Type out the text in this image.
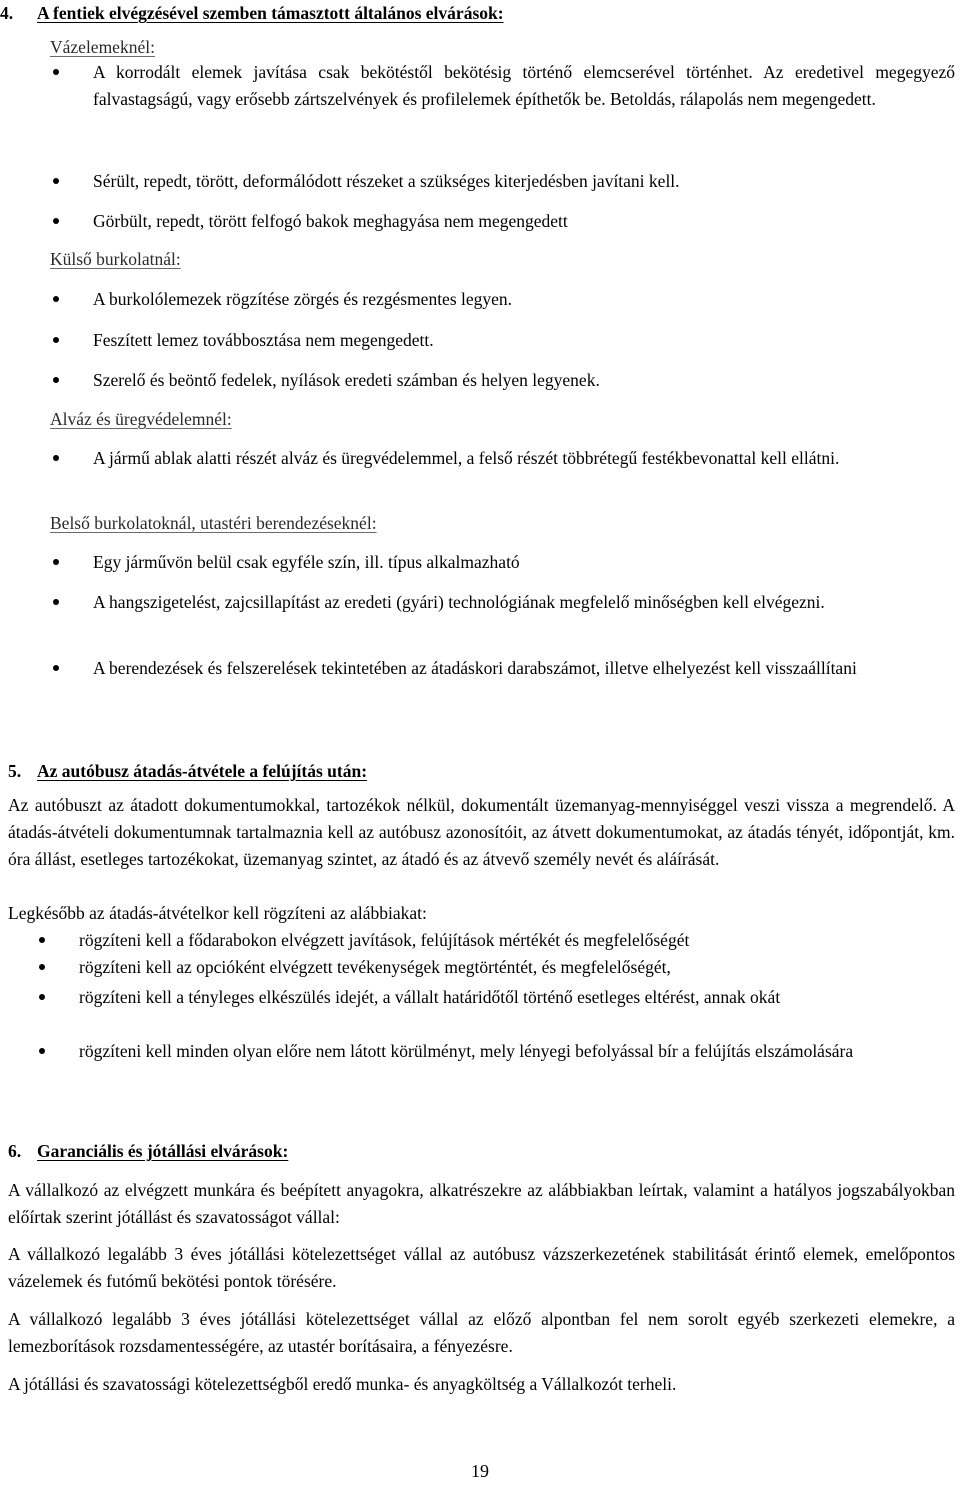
4. A fentiek elvégzésével szemben támasztott általános elvárások:
Vázelemeknél:
A korrodált elemek javítása csak bekötéstől bekötésig történő elemcserével történhet. Az eredetivel megegyező falvastagságú, vagy erősebb zártszelvények és profilelemek építhetők be. Betoldás, rálapolás nem megengedett.
Sérült, repedt, törött, deformálódott részeket a szükséges kiterjedésben javítani kell.
Görbült, repedt, törött felfogó bakok meghagyása nem megengedett
Külső burkolatnál:
A burkolólemezek rögzítése zörgés és rezgésmentes legyen.
Feszített lemez továbbosztása nem megengedett.
Szerelő és beöntő fedelek, nyílások eredeti számban és helyen legyenek.
Alváz és üregvédelemnél:
A jármű ablak alatti részét alváz és üregvédelemmel, a felső részét többrétegű festékbevonattal kell ellátni.
Belső burkolatoknál, utastéri berendezéseknél:
Egy járművön belül csak egyféle szín, ill. típus alkalmazható
A hangszigetelést, zajcsillapítást az eredeti (gyári) technológiának megfelelő minőségben kell elvégezni.
A berendezések és felszerelések tekintetében az átadáskori darabszámot, illetve elhelyezést kell visszaállítani
5. Az autóbusz átadás-átvétele a felújítás után:
Az autóbuszt az átadott dokumentumokkal, tartozékok nélkül, dokumentált üzemanyag-mennyiséggel veszi vissza a megrendelő. A átadás-átvételi dokumentumnak tartalmaznia kell az autóbusz azonosítóit, az átvett dokumentumokat, az átadás tényét, időpontját, km. óra állást, esetleges tartozékokat, üzemanyag szintet, az átadó és az átvevő személy nevét és aláírását.
Legkésőbb az átadás-átvételkor kell rögzíteni az alábbiakat:
rögzíteni kell a fődarabokon elvégzett javítások, felújítások mértékét és megfelelőségét
rögzíteni kell az opcióként elvégzett tevékenységek megtörténtét, és megfelelőségét,
rögzíteni kell a tényleges elkészülés idejét, a vállalt határidőtől történő esetleges eltérést, annak okát
rögzíteni kell minden olyan előre nem látott körülményt, mely lényegi befolyással bír a felújítás elszámolására
6. Garanciális és jótállási elvárások:
A vállalkozó az elvégzett munkára és beépített anyagokra, alkatrészekre az alábbiakban leírtak, valamint a hatályos jogszabályokban előírtak szerint jótállást és szavatosságot vállal:
A vállalkozó legalább 3 éves jótállási kötelezettséget vállal az autóbusz vázszerkezetének stabilitását érintő elemek, emelőpontos vázelemek és futómű bekötési pontok törésére.
A vállalkozó legalább 3 éves jótállási kötelezettséget vállal az előző alpontban fel nem sorolt egyéb szerkezeti elemekre, a lemezborítások rozsdamentességére, az utastér borításaira, a fényezésre.
A jótállási és szavatossági kötelezettségből eredő munka- és anyagköltség a Vállalkozót terheli.
19
